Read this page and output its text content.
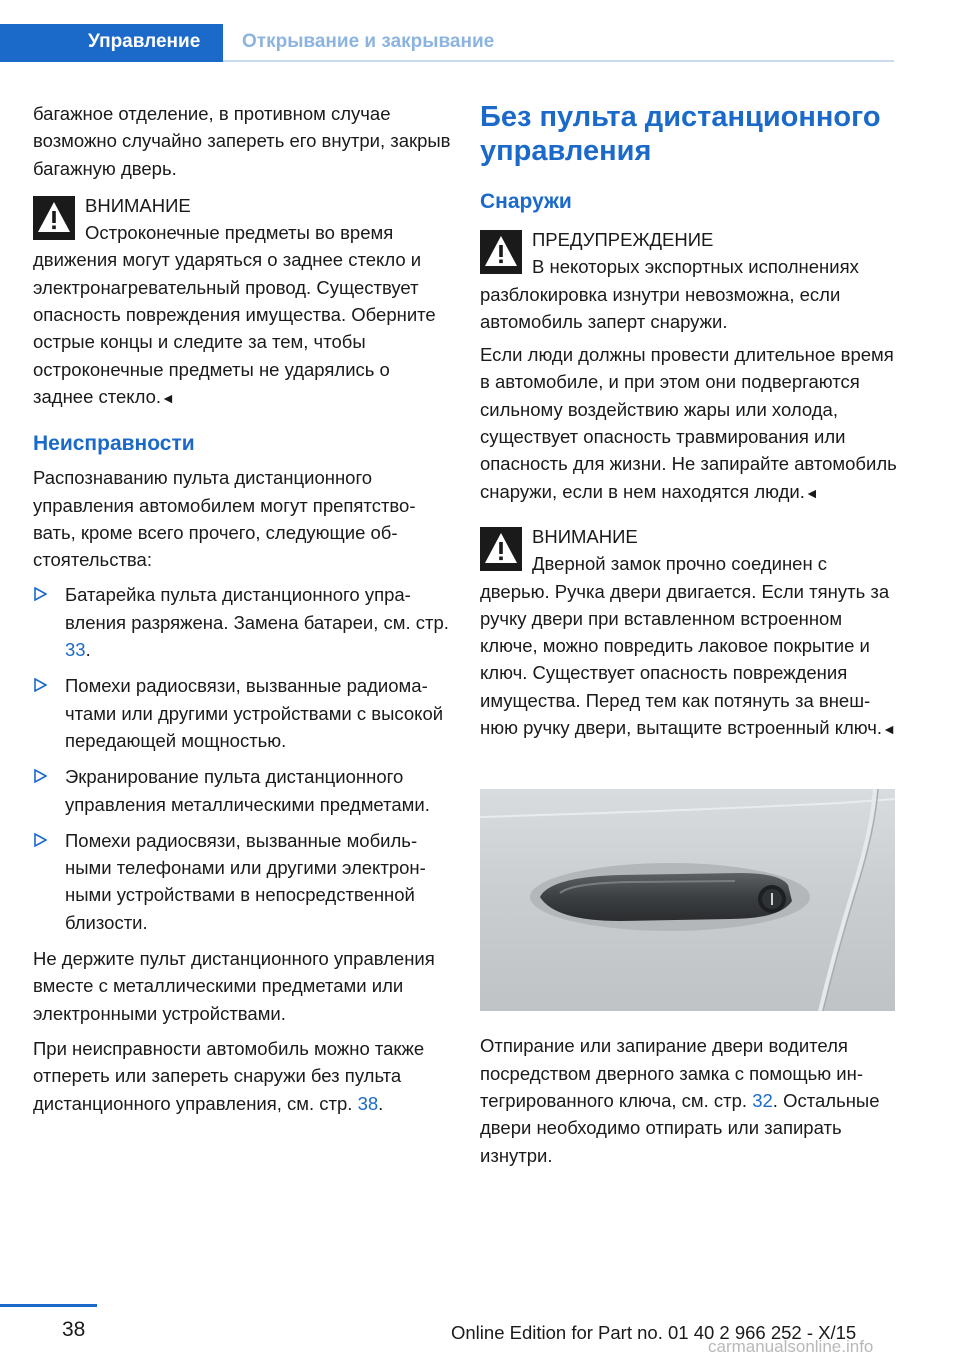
Управление Открывание и закрывание

багажное отделение, в противном случае возможно случайно запереть его внутри, закрыв багажную дверь.

ВНИМАНИЕ
Остроконечные предметы во время движения могут ударяться о заднее стекло и электронагревательный провод. Существует опасность повреждения имущества. Оберните острые концы и следите за тем, чтобы остроконечные предметы не ударялись о заднее стекло.◄
Неисправности

Распознаванию пульта дистанционного управления автомобилем могут препятствовать, кроме всего прочего, следующие обстоятельства:

Батарейка пульта дистанционного управления разряжена. Замена батареи, см. стр. 33.
Помехи радиосвязи, вызванные радиомачтами или другими устройствами с высокой передающей мощностью.
Экранирование пульта дистанционного управления металлическими предметами.
Помехи радиосвязи, вызванные мобильными телефонами или другими электронными устройствами в непосредственной близости.

Не держите пульт дистанционного управления вместе с металлическими предметами или электронными устройствами.

При неисправности автомобиль можно также отпереть или запереть снаружи без пульта дистанционного управления, см. стр. 38.

Без пульта дистанционного управления
Снаружи
ПРЕДУПРЕЖДЕНИЕ
В некоторых экспортных исполнениях разблокировка изнутри невозможна, если автомобиль заперт снаружи.
Если люди должны провести длительное время в автомобиле, и при этом они подвергаются сильному воздействию жары или холода, существует опасность травмирования или опасность для жизни. Не запирайте автомобиль снаружи, если в нем находятся люди.◄
ВНИМАНИЕ
Дверной замок прочно соединен с дверью. Ручка двери двигается. Если тянуть за ручку двери при вставленном встроенном ключе, можно повредить лаковое покрытие и ключ. Существует опасность повреждения имущества. Перед тем как потянуть за внешнюю ручку двери, вытащите встроенный ключ.◄

Отпирание или запирание двери водителя посредством дверного замка с помощью интегрированного ключа, см. стр. 32. Остальные двери необходимо отпирать или запирать изнутри.

38	Online Edition for Part no. 01 40 2 966 252 - X/15
carmanualsonline.info
